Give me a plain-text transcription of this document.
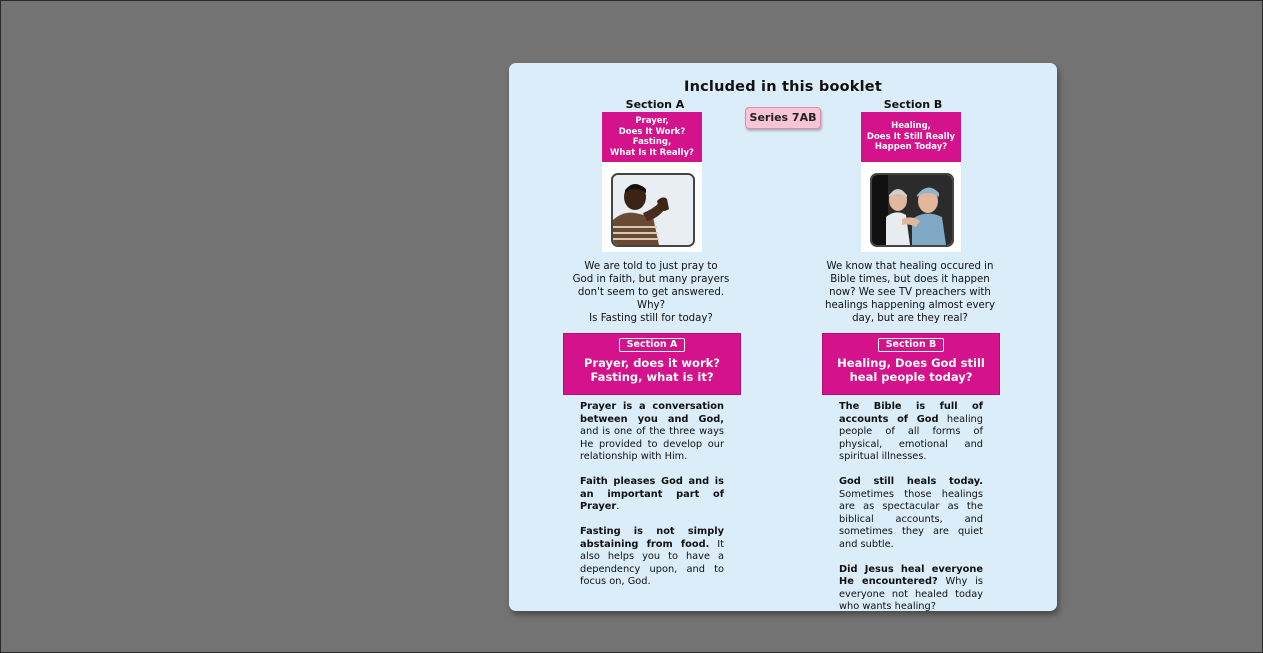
Included in this booklet
Section A	Section B
Series 7AB
Prayer,
Does It Work?
Fasting,
What Is It Really?
Healing,
Does It Still Really
Happen Today?
We are told to just pray to
God in faith, but many prayers
don't seem to get answered.
Why?
Is Fasting still for today?
We know that healing occured in
Bible times, but does it happen
now? We see TV preachers with
healings happening almost every
day, but are they real?
Section A
Prayer, does it work?
Fasting, what is it?
Section B
Healing, Does God still
heal people today?

Prayer is a conversation between you and God, and is one of the three ways He provided to develop our relationship with Him.

Faith pleases God and is an important part of Prayer.

Fasting is not simply abstaining from food. It also helps you to have a dependency upon, and to focus on, God.

The Bible is full of accounts of God healing people of all forms of physical, emotional and spiritual illnesses.

God still heals today. Sometimes those healings are as spectacular as the biblical accounts, and sometimes they are quiet and subtle.

Did Jesus heal everyone He encountered? Why is everyone not healed today who wants healing?
